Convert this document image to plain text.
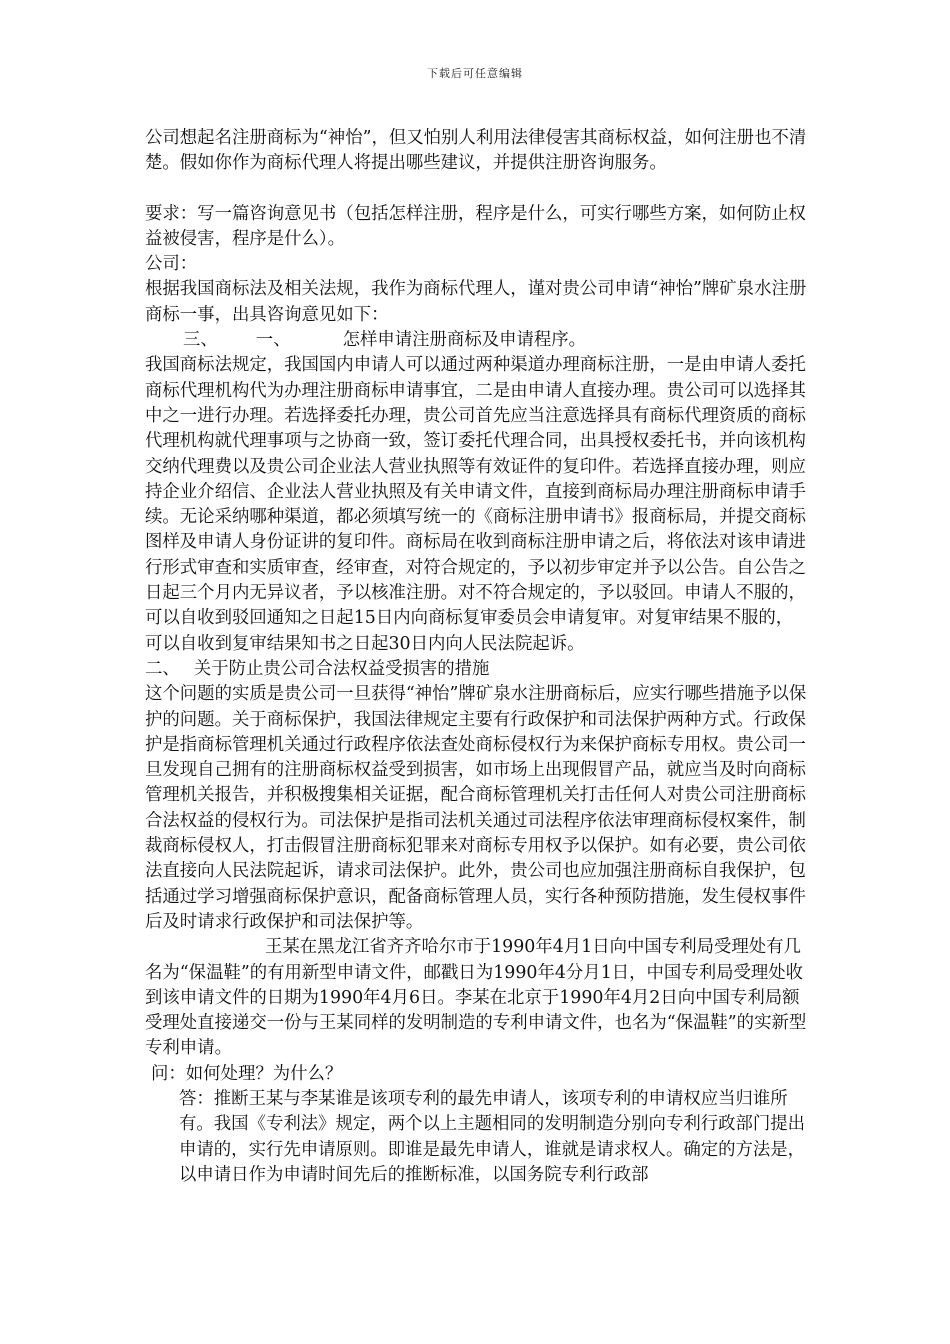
下载后可任意编辑

公司想起名注册商标为“神怡”，但又怕别人利用法律侵害其商标权益，如何注册也不清楚。假如你作为商标代理人将提出哪些建议，并提供注册咨询服务。

要求：写一篇咨询意见书（包括怎样注册，程序是什么，可实行哪些方案，如何防止权益被侵害，程序是什么）。

公司：

根据我国商标法及相关法规，我作为商标代理人，谨对贵公司申请“神怡”牌矿泉水注册商标一事，出具咨询意见如下：

三、 一、	怎样申请注册商标及申请程序。

我国商标法规定，我国国内申请人可以通过两种渠道办理商标注册，一是由申请人委托商标代理机构代为办理注册商标申请事宜，二是由申请人直接办理。贵公司可以选择其中之一进行办理。若选择委托办理，贵公司首先应当注意选择具有商标代理资质的商标代理机构就代理事项与之协商一致，签订委托代理合同，出具授权委托书，并向该机构交纳代理费以及贵公司企业法人营业执照等有效证件的复印件。若选择直接办理，则应持企业介绍信、企业法人营业执照及有关申请文件，直接到商标局办理注册商标申请手续。无论采纳哪种渠道，都必须填写统一的《商标注册申请书》报商标局，并提交商标图样及申请人身份证讲的复印件。商标局在收到商标注册申请之后，将依法对该申请进行形式审查和实质审查，经审查，对符合规定的，予以初步审定并予以公告。自公告之日起三个月内无异议者，予以核准注册。对不符合规定的，予以驳回。申请人不服的，可以自收到驳回通知之日起15日内向商标复审委员会申请复审。对复审结果不服的，可以自收到复审结果知书之日起30日内向人民法院起诉。

二、 关于防止贵公司合法权益受损害的措施

这个问题的实质是贵公司一旦获得“神怡”牌矿泉水注册商标后，应实行哪些措施予以保护的问题。关于商标保护，我国法律规定主要有行政保护和司法保护两种方式。行政保护是指商标管理机关通过行政程序依法查处商标侵权行为来保护商标专用权。贵公司一旦发现自己拥有的注册商标权益受到损害，如市场上出现假冒产品，就应当及时向商标管理机关报告，并积极搜集相关证据，配合商标管理机关打击任何人对贵公司注册商标合法权益的侵权行为。司法保护是指司法机关通过司法程序依法审理商标侵权案件，制裁商标侵权人，打击假冒注册商标犯罪来对商标专用权予以保护。如有必要，贵公司依法直接向人民法院起诉，请求司法保护。此外，贵公司也应加强注册商标自我保护，包括通过学习增强商标保护意识，配备商标管理人员，实行各种预防措施，发生侵权事件后及时请求行政保护和司法保护等。

王某在黑龙江省齐齐哈尔市于1990年4月1日向中国专利局受理处有几名为“保温鞋”的有用新型申请文件，邮戳日为1990年4分月1日，中国专利局受理处收到该申请文件的日期为1990年4月6日。李某在北京于1990年4月2日向中国专利局额受理处直接递交一份与王某同样的发明制造的专利申请文件，也名为“保温鞋”的实新型专利申请。

问：如何处理？为什么？

答：推断王某与李某谁是该项专利的最先申请人，该项专利的申请权应当归谁所有。我国《专利法》规定，两个以上主题相同的发明制造分别向专利行政部门提出申请的，实行先申请原则。即谁是最先申请人，谁就是请求权人。确定的方法是，以申请日作为申请时间先后的推断标准，以国务院专利行政部
